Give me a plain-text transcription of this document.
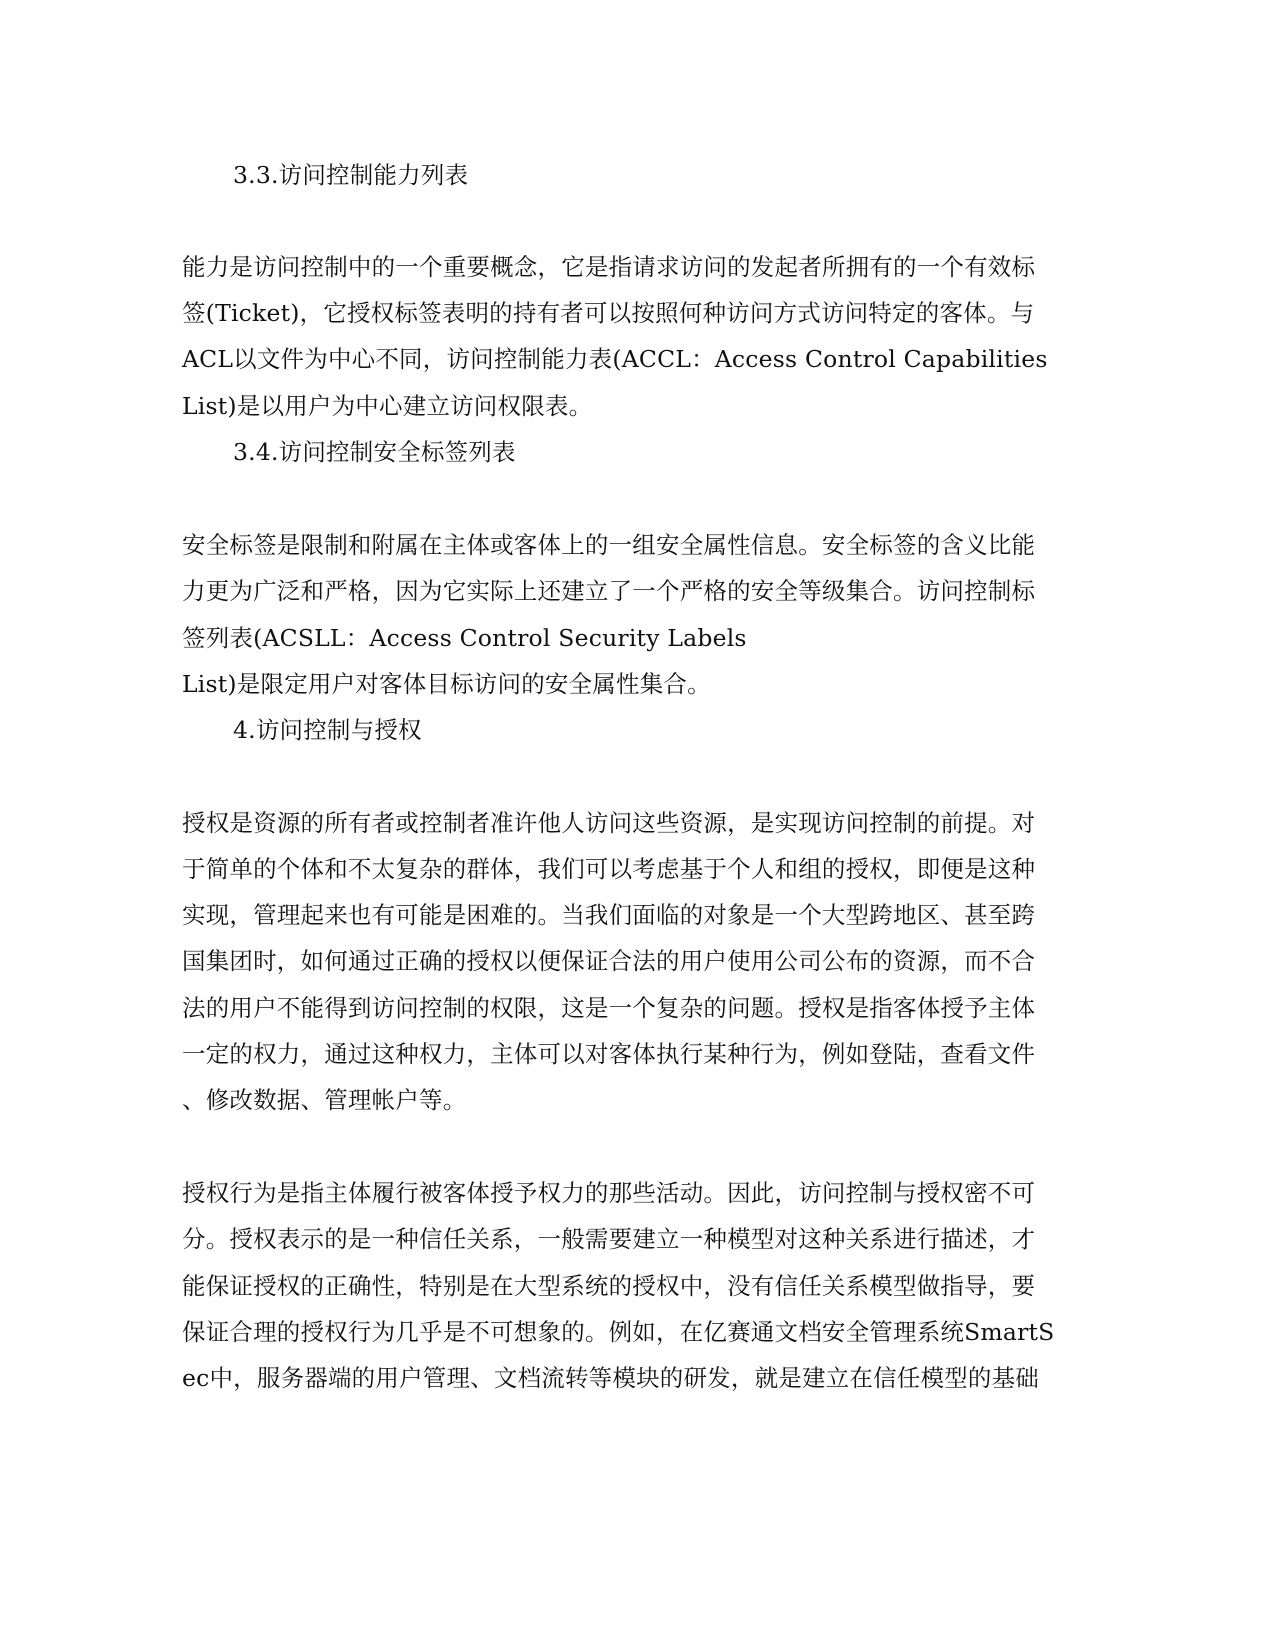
3.3.访问控制能力列表
能力是访问控制中的一个重要概念，它是指请求访问的发起者所拥有的一个有效标
签(Ticket)，它授权标签表明的持有者可以按照何种访问方式访问特定的客体。与
ACL以文件为中心不同，访问控制能力表(ACCL：Access Control Capabilities
List)是以用户为中心建立访问权限表。
3.4.访问控制安全标签列表
安全标签是限制和附属在主体或客体上的一组安全属性信息。安全标签的含义比能
力更为广泛和严格，因为它实际上还建立了一个严格的安全等级集合。访问控制标
签列表(ACSLL：Access Control Security Labels
List)是限定用户对客体目标访问的安全属性集合。
4.访问控制与授权
授权是资源的所有者或控制者准许他人访问这些资源，是实现访问控制的前提。对
于简单的个体和不太复杂的群体，我们可以考虑基于个人和组的授权，即便是这种
实现，管理起来也有可能是困难的。当我们面临的对象是一个大型跨地区、甚至跨
国集团时，如何通过正确的授权以便保证合法的用户使用公司公布的资源，而不合
法的用户不能得到访问控制的权限，这是一个复杂的问题。授权是指客体授予主体
一定的权力，通过这种权力，主体可以对客体执行某种行为，例如登陆，查看文件
、修改数据、管理帐户等。
授权行为是指主体履行被客体授予权力的那些活动。因此，访问控制与授权密不可
分。授权表示的是一种信任关系，一般需要建立一种模型对这种关系进行描述，才
能保证授权的正确性，特别是在大型系统的授权中，没有信任关系模型做指导，要
保证合理的授权行为几乎是不可想象的。例如，在亿赛通文档安全管理系统SmartS
ec中，服务器端的用户管理、文档流转等模块的研发，就是建立在信任模型的基础
